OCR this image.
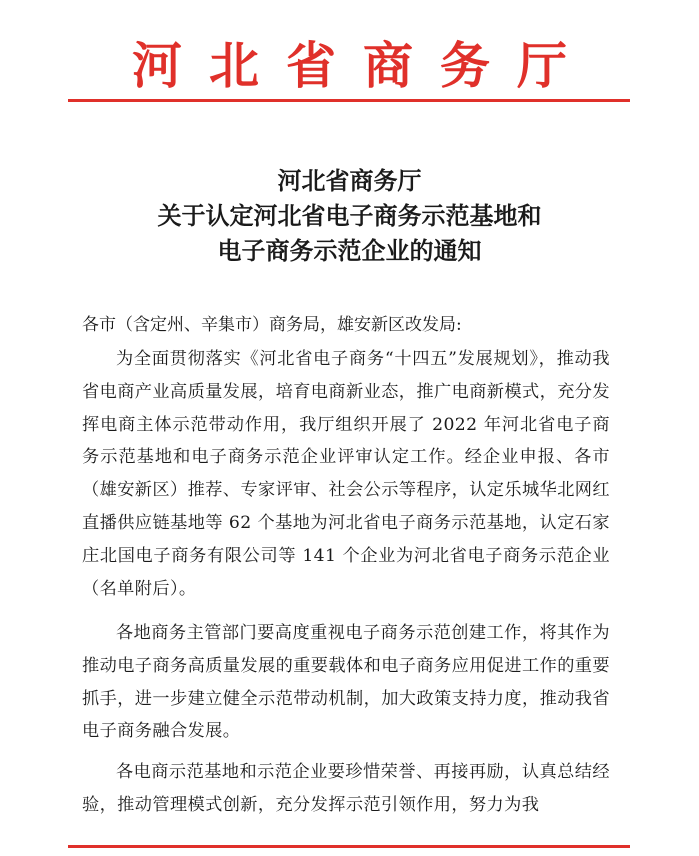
河北省商务厅
河北省商务厅
关于认定河北省电子商务示范基地和
电子商务示范企业的通知
各市（含定州、辛集市）商务局，雄安新区改发局:
为全面贯彻落实《河北省电子商务“十四五”发展规划》，推动我省电商产业高质量发展，培育电商新业态，推广电商新模式，充分发挥电商主体示范带动作用，我厅组织开展了 2022 年河北省电子商务示范基地和电子商务示范企业评审认定工作。经企业申报、各市（雄安新区）推荐、专家评审、社会公示等程序，认定乐城华北网红直播供应链基地等 62 个基地为河北省电子商务示范基地，认定石家庄北国电子商务有限公司等 141 个企业为河北省电子商务示范企业（名单附后）。
各地商务主管部门要高度重视电子商务示范创建工作，将其作为推动电子商务高质量发展的重要载体和电子商务应用促进工作的重要抓手，进一步建立健全示范带动机制，加大政策支持力度，推动我省电子商务融合发展。
各电商示范基地和示范企业要珍惜荣誉、再接再励，认真总结经验，推动管理模式创新，充分发挥示范引领作用，努力为我
